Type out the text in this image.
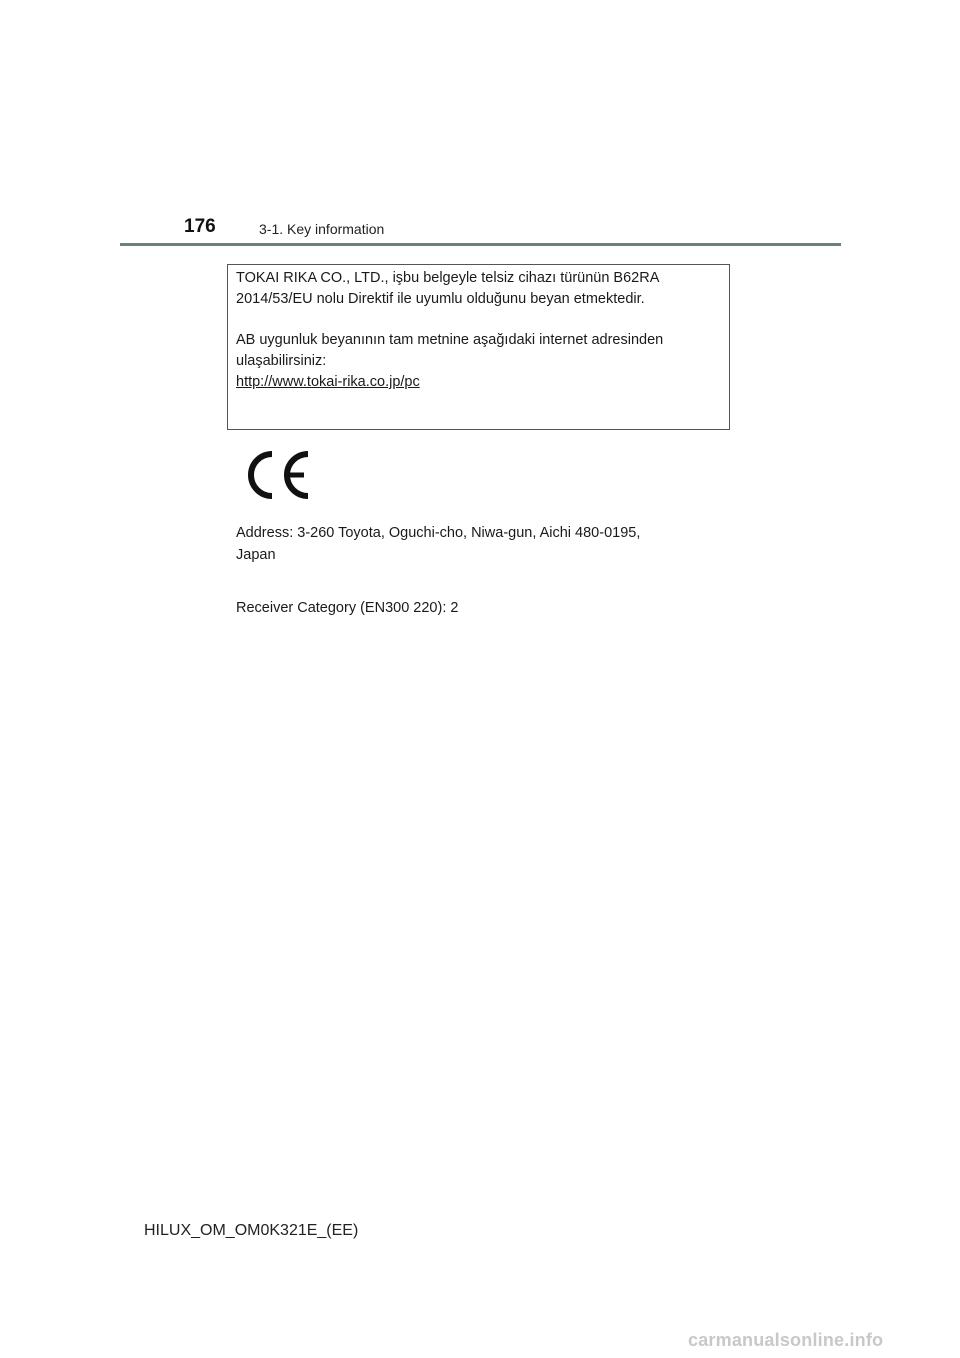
176	3-1. Key information

TOKAI RIKA CO., LTD., işbu belgeyle telsiz cihazı türünün B62RA

2014/53/EU nolu Direktif ile uyumlu olduğunu beyan etmektedir.

AB uygunluk beyanının tam metnine aşağıdaki internet adresinden

ulaşabilirsiniz:

http://www.tokai-rika.co.jp/pc

Address: 3-260 Toyota, Oguchi-cho, Niwa-gun, Aichi 480-0195,
Japan
Receiver Category (EN300 220): 2
HILUX_OM_OM0K321E_(EE)
carmanualsonline.info
